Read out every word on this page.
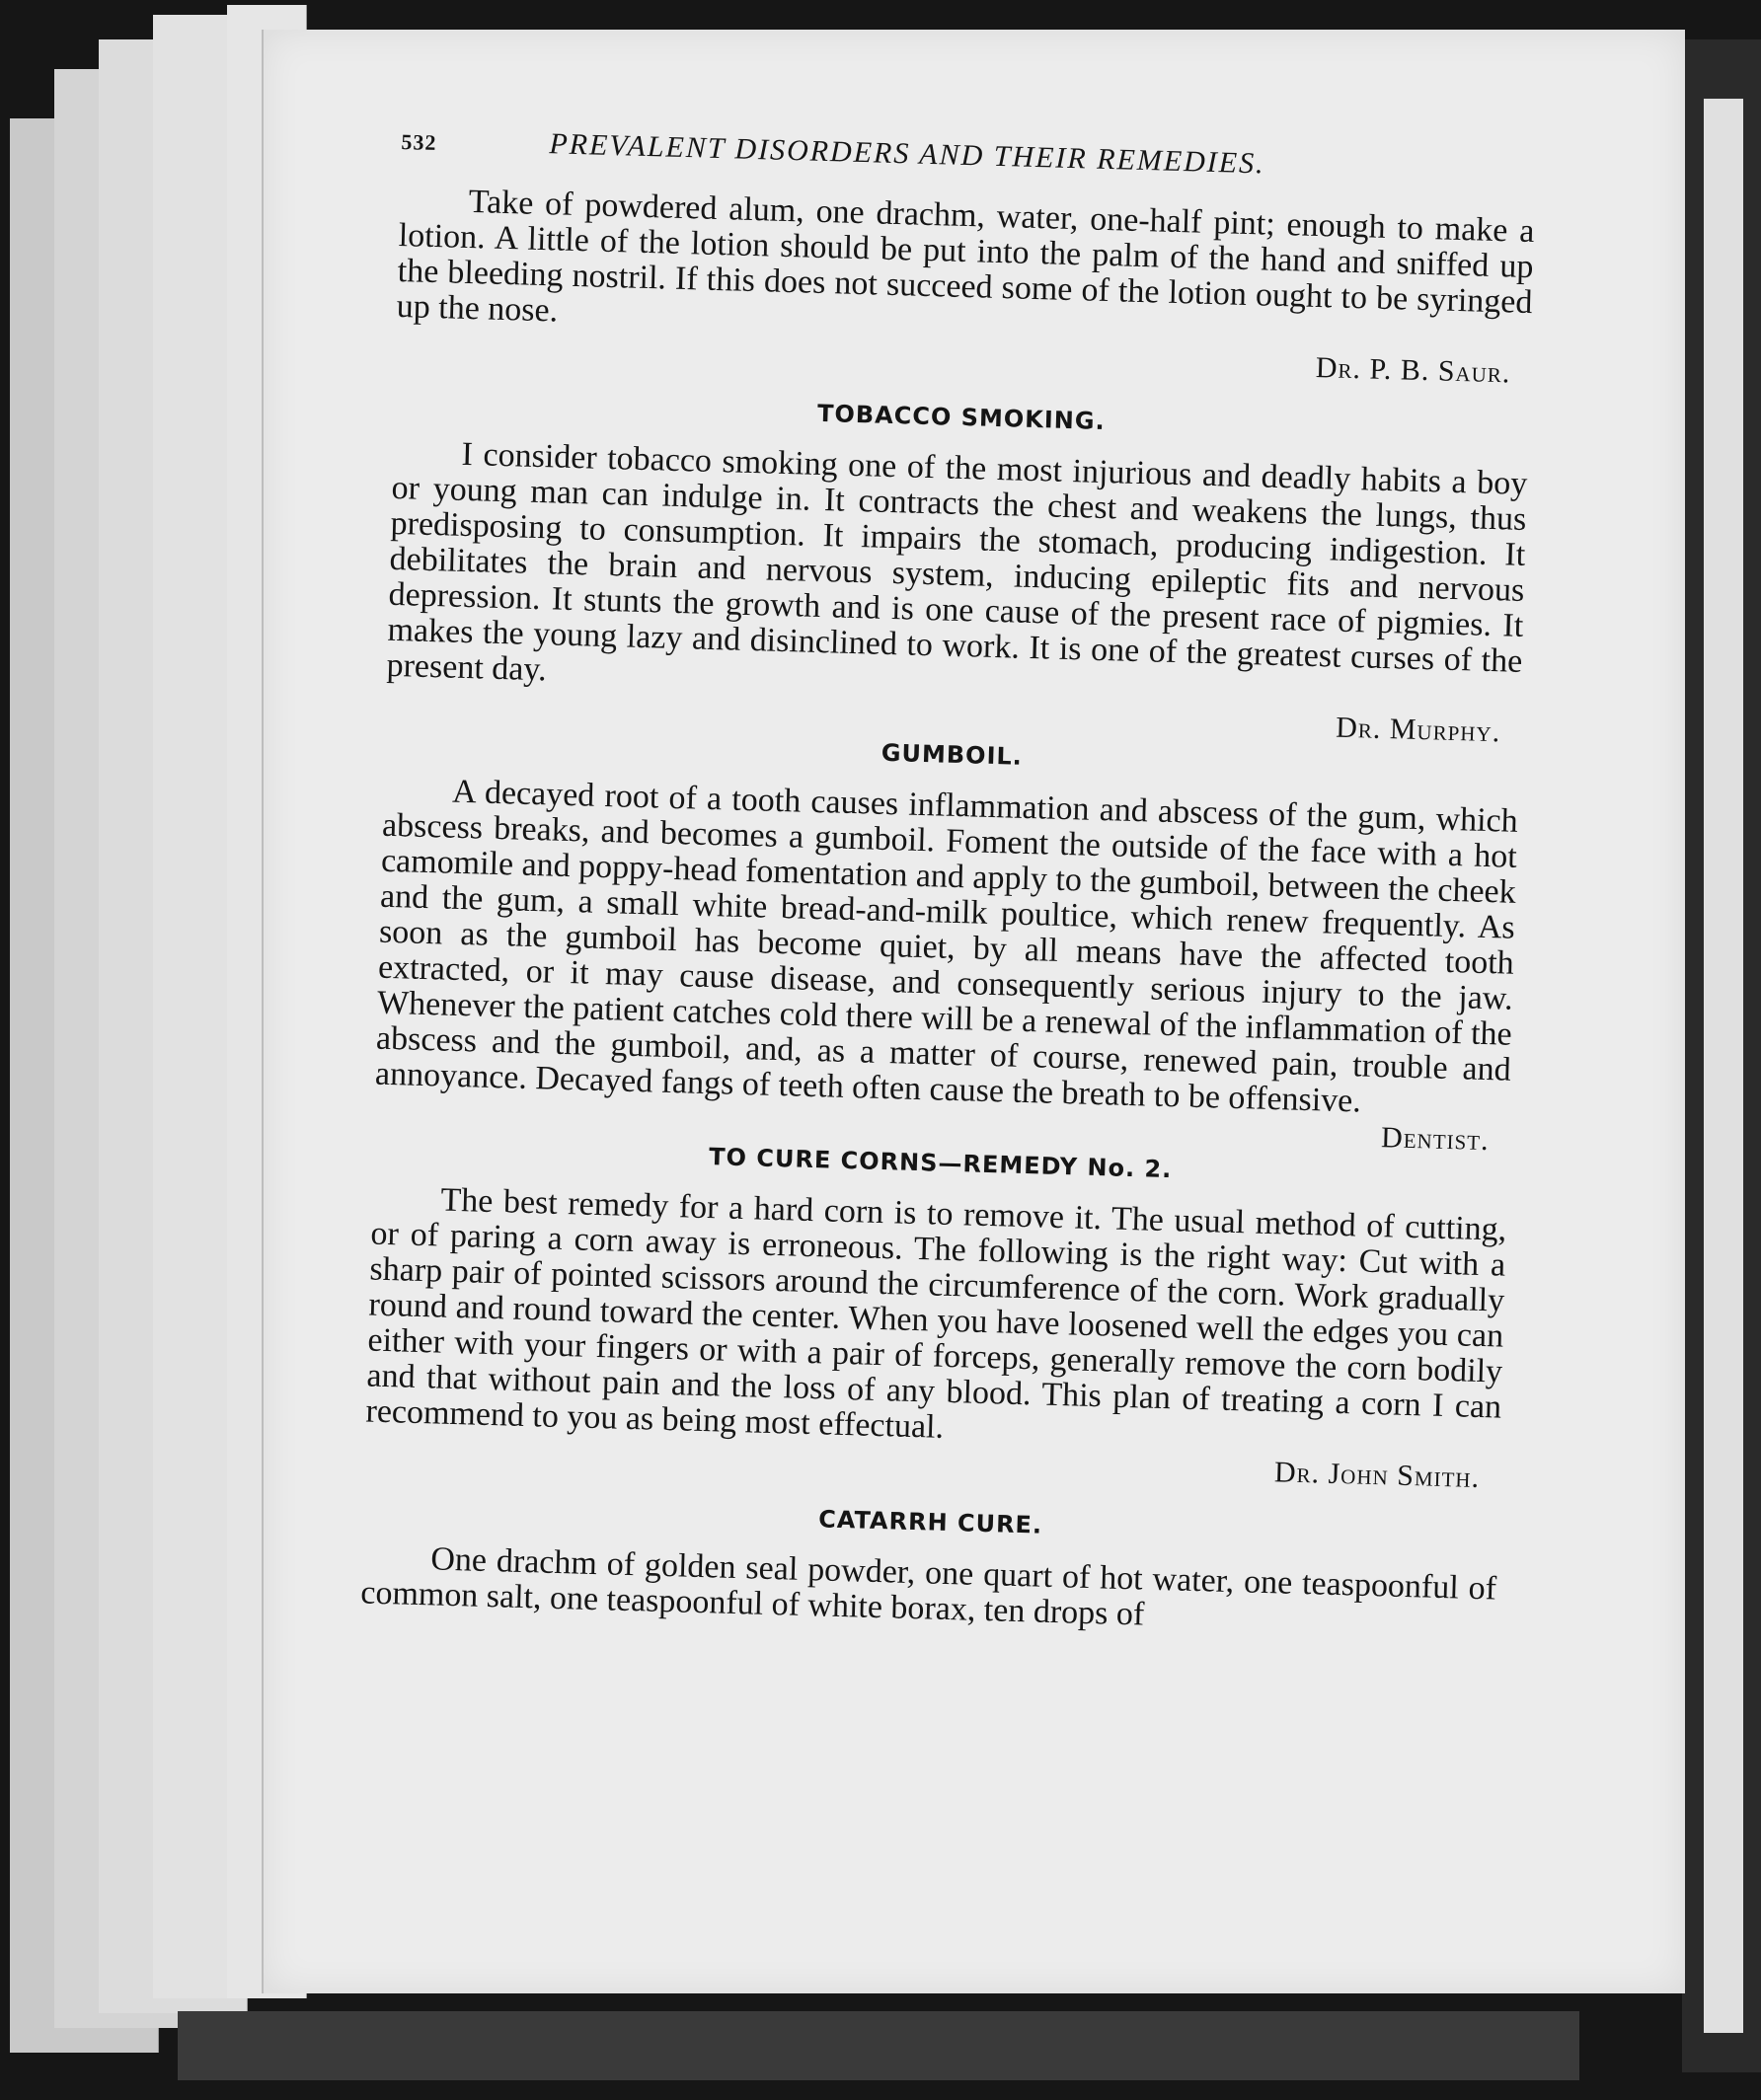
532	PREVALENT DISORDERS AND THEIR REMEDIES.

Take of powdered alum, one drachm, water, one-half pint; enough to make a lotion. A little of the lotion should be put into the palm of the hand and sniffed up the bleeding nostril. If this does not succeed some of the lotion ought to be syringed up the nose.

Dr. P. B. Saur.
TOBACCO SMOKING.

I consider tobacco smoking one of the most injurious and deadly habits a boy or young man can indulge in. It contracts the chest and weakens the lungs, thus predisposing to consumption. It impairs the stomach, producing indigestion. It debilitates the brain and nervous system, inducing epileptic fits and nervous depression. It stunts the growth and is one cause of the present race of pigmies. It makes the young lazy and disinclined to work. It is one of the greatest curses of the present day.

Dr. Murphy.
GUMBOIL.

A decayed root of a tooth causes inflammation and abscess of the gum, which abscess breaks, and becomes a gumboil. Foment the outside of the face with a hot camomile and poppy-head fomentation and apply to the gumboil, between the cheek and the gum, a small white bread-and-milk poultice, which renew frequently. As soon as the gumboil has become quiet, by all means have the affected tooth extracted, or it may cause disease, and consequently serious injury to the jaw. Whenever the patient catches cold there will be a renewal of the inflammation of the abscess and the gumboil, and, as a matter of course, renewed pain, trouble and annoyance. Decayed fangs of teeth often cause the breath to be offensive.

Dentist.
TO CURE CORNS—REMEDY No. 2.

The best remedy for a hard corn is to remove it. The usual method of cutting, or of paring a corn away is erroneous. The following is the right way: Cut with a sharp pair of pointed scissors around the circumference of the corn. Work gradually round and round toward the center. When you have loosened well the edges you can either with your fingers or with a pair of forceps, generally remove the corn bodily and that without pain and the loss of any blood. This plan of treating a corn I can recommend to you as being most effectual.

Dr. John Smith.
CATARRH CURE.

One drachm of golden seal powder, one quart of hot water, one teaspoonful of common salt, one teaspoonful of white borax, ten drops of
